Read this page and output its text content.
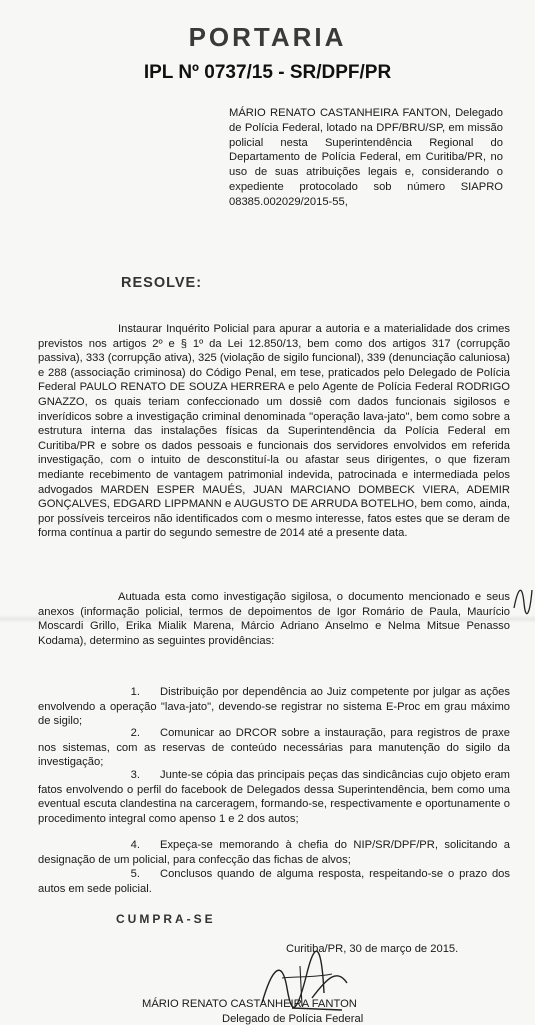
PORTARIA
IPL Nº 0737/15 - SR/DPF/PR

MÁRIO RENATO CASTANHEIRA FANTON, Delegado de Polícia Federal, lotado na DPF/BRU/SP, em missão policial nesta Superintendência Regional do Departamento de Polícia Federal, em Curitiba/PR, no uso de suas atribuições legais e, considerando o expediente protocolado sob número SIAPRO 08385.002029/2015-55,

RESOLVE:

Instaurar Inquérito Policial para apurar a autoria e a materialidade dos crimes previstos nos artigos 2º e § 1º da Lei 12.850/13, bem como dos artigos 317 (corrupção passiva), 333 (corrupção ativa), 325 (violação de sigilo funcional), 339 (denunciação caluniosa) e 288 (associação criminosa) do Código Penal, em tese, praticados pelo Delegado de Polícia Federal PAULO RENATO DE SOUZA HERRERA e pelo Agente de Polícia Federal RODRIGO GNAZZO, os quais teriam confeccionado um dossiê com dados funcionais sigilosos e inverídicos sobre a investigação criminal denominada "operação lava-jato", bem como sobre a estrutura interna das instalações físicas da Superintendência da Polícia Federal em Curitiba/PR e sobre os dados pessoais e funcionais dos servidores envolvidos em referida investigação, com o intuito de desconstituí-la ou afastar seus dirigentes, o que fizeram mediante recebimento de vantagem patrimonial indevida, patrocinada e intermediada pelos advogados MARDEN ESPER MAUÉS, JUAN MARCIANO DOMBECK VIERA, ADEMIR GONÇALVES, EDGARD LIPPMANN e AUGUSTO DE ARRUDA BOTELHO, bem como, ainda, por possíveis terceiros não identificados com o mesmo interesse, fatos estes que se deram de forma contínua a partir do segundo semestre de 2014 até a presente data.

Autuada esta como investigação sigilosa, o documento mencionado e seus anexos (informação policial, termos de depoimentos de Igor Romário de Paula, Maurício Moscardi Grillo, Erika Mialik Marena, Márcio Adriano Anselmo e Nelma Mitsue Penasso Kodama), determino as seguintes providências:

1. Distribuição por dependência ao Juiz competente por julgar as ações envolvendo a operação "lava-jato", devendo-se registrar no sistema E-Proc em grau máximo de sigilo;

2. Comunicar ao DRCOR sobre a instauração, para registros de praxe nos sistemas, com as reservas de conteúdo necessárias para manutenção do sigilo da investigação;

3. Junte-se cópia das principais peças das sindicâncias cujo objeto eram fatos envolvendo o perfil do facebook de Delegados dessa Superintendência, bem como uma eventual escuta clandestina na carceragem, formando-se, respectivamente e oportunamente o procedimento integral como apenso 1 e 2 dos autos;

4. Expeça-se memorando à chefia do NIP/SR/DPF/PR, solicitando a designação de um policial, para confecção das fichas de alvos;

5. Conclusos quando de alguma resposta, respeitando-se o prazo dos autos em sede policial.

CUMPRA-SE

Curitiba/PR, 30 de março de 2015.

MÁRIO RENATO CASTANHEIRA FANTON

Delegado de Polícia Federal
